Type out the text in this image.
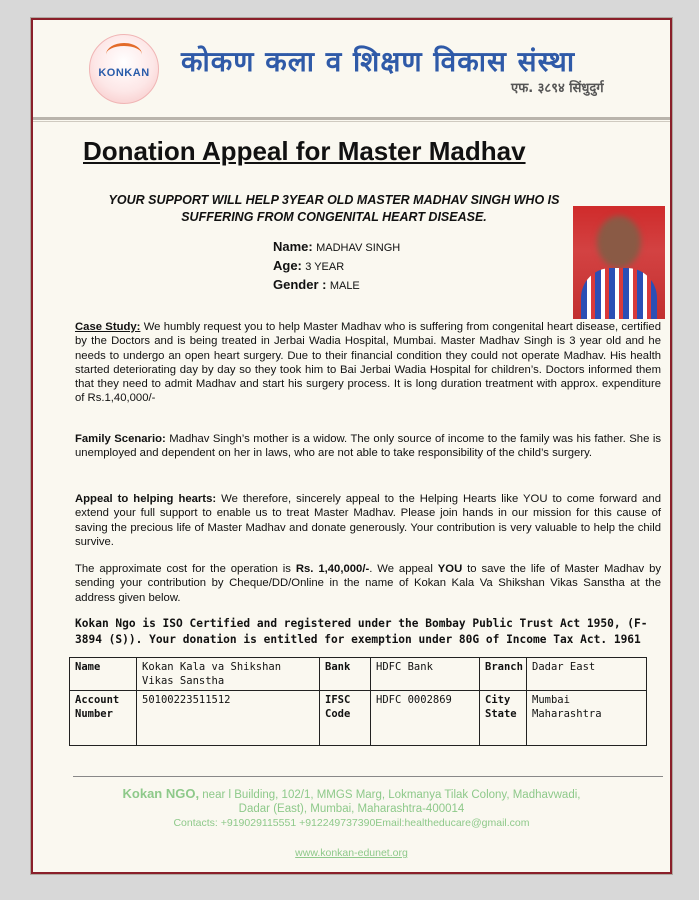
KONKAN कोकण कला व शिक्षण विकास संस्था
एफ. ३८९४ सिंधुदुर्ग
Donation Appeal for Master Madhav
YOUR SUPPORT WILL HELP 3YEAR OLD MASTER MADHAV SINGH WHO IS
SUFFERING FROM CONGENITAL HEART DISEASE.
Name: MADHAV SINGH
Age: 3 YEAR
Gender : MALE
Case Study: We humbly request you to help Master Madhav who is suffering from congenital heart disease, certified by the Doctors and is being treated in Jerbai Wadia Hospital, Mumbai. Master Madhav Singh is 3 year old and he needs to undergo an open heart surgery. Due to their financial condition they could not operate Madhav. His health started deteriorating day by day so they took him to Bai Jerbai Wadia Hospital for children’s. Doctors informed them that they need to admit Madhav and start his surgery process. It is long duration treatment with approx. expenditure of Rs.1,40,000/-
Family Scenario: Madhav Singh’s mother is a widow. The only source of income to the family was his father. She is unemployed and dependent on her in laws, who are not able to take responsibility of the child’s surgery.
Appeal to helping hearts: We therefore, sincerely appeal to the Helping Hearts like YOU to come forward and extend your full support to enable us to treat Master Madhav. Please join hands in our mission for this cause of saving the precious life of Master Madhav and donate generously. Your contribution is very valuable to help the child survive.
The approximate cost for the operation is Rs. 1,40,000/-. We appeal YOU to save the life of Master Madhav by sending your contribution by Cheque/DD/Online in the name of Kokan Kala Va Shikshan Vikas Sanstha at the address given below.
Kokan Ngo is ISO Certified and registered under the Bombay Public Trust Act 1950, (F-3894 (S)). Your donation is entitled for exemption under 80G of Income Tax Act. 1961
Name	Kokan Kala va Shikshan Vikas Sanstha	Bank	HDFC Bank	Branch	Dadar East
Account Number	50100223511512	IFSC Code	HDFC 0002869	City State	Mumbai Maharashtra
Kokan NGO, near l Building, 102/1, MMGS Marg, Lokmanya Tilak Colony, Madhavwadi,
Dadar (East), Mumbai, Maharashtra-400014
Contacts: +919029115551 +912249737390Email:healtheducare@gmail.com
www.konkan-edunet.org
